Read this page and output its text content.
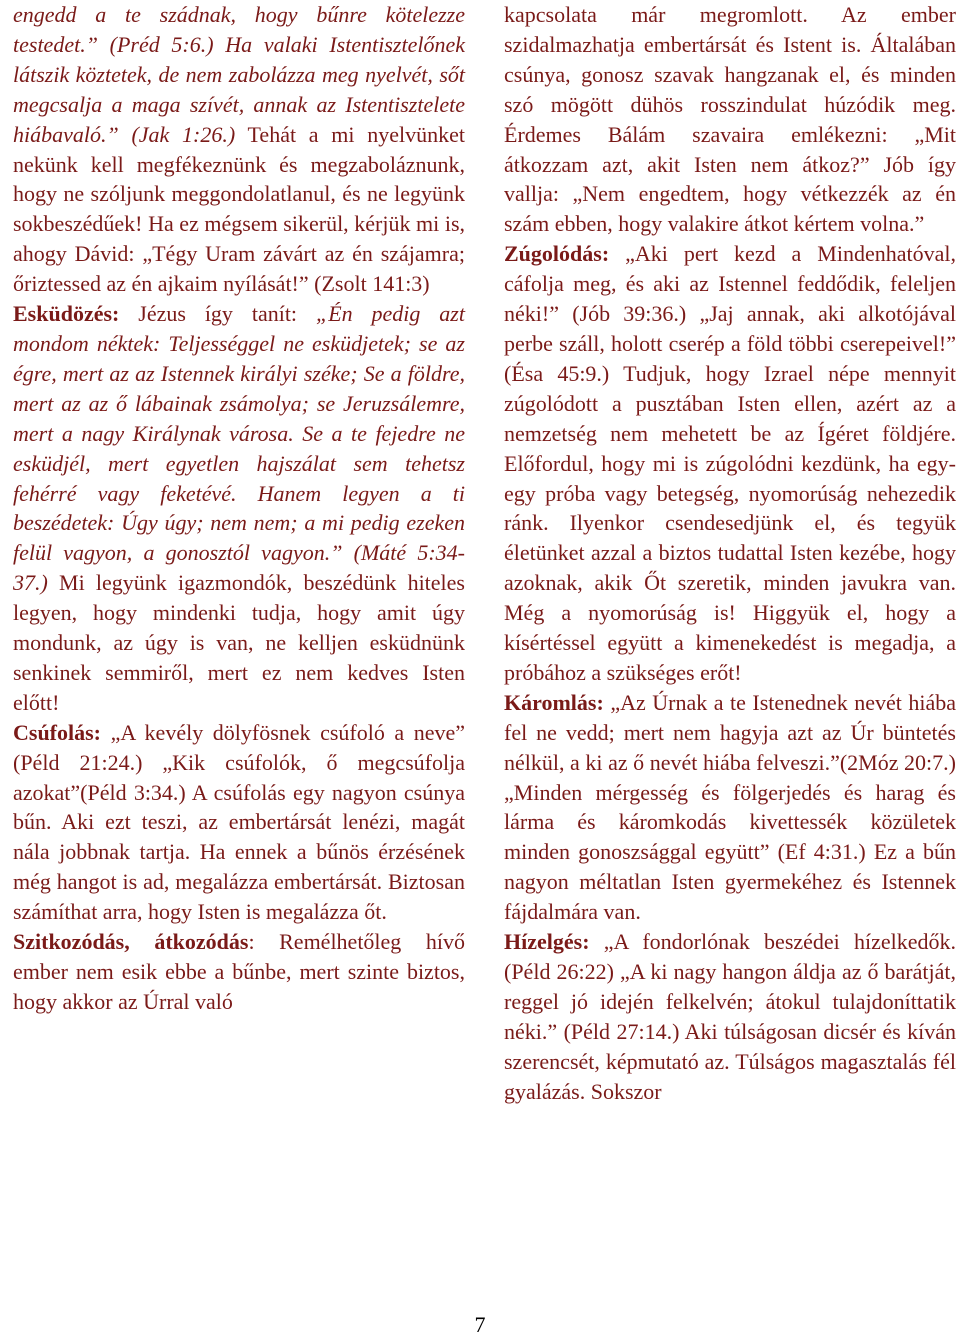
engedd a te szádnak, hogy bűnre kötelezze testedet.” (Préd 5:6.) Ha valaki Istentisztelőnek látszik köztetek, de nem zabolázza meg nyelvét, sőt megcsalja a maga szívét, annak az Istentisztelete hiábavaló.” (Jak 1:26.) Tehát a mi nyelvünket nekünk kell megfékeznünk és megzaboláznunk, hogy ne szóljunk meggondolatlanul, és ne legyünk sokbeszédűek! Ha ez mégsem sikerül, kérjük mi is, ahogy Dávid: „Tégy Uram závárt az én szájamra; őriztessed az én ajkaim nyílását!” (Zsolt 141:3)

Esküdözés: Jézus így tanít: „Én pedig azt mondom néktek: Teljességgel ne esküdjetek; se az égre, mert az az Istennek királyi széke; Se a földre, mert az az ő lábainak zsámolya; se Jeruzsálemre, mert a nagy Királynak városa. Se a te fejedre ne esküdjél, mert egyetlen hajszálat sem tehetsz fehérré vagy feketévé. Hanem legyen a ti beszédetek: Úgy úgy; nem nem; a mi pedig ezeken felül vagyon, a gonosztól vagyon.” (Máté 5:34-37.) Mi legyünk igazmondók, beszédünk hiteles legyen, hogy mindenki tudja, hogy amit úgy mondunk, az úgy is van, ne kelljen esküdnünk senkinek semmiről, mert ez nem kedves Isten előtt!

Csúfolás: „A kevély dölyfösnek csúfoló a neve” (Péld 21:24.) „Kik csúfolók, ő megcsúfolja azokat”(Péld 3:34.) A csúfolás egy nagyon csúnya bűn. Aki ezt teszi, az embertársát lenézi, magát nála jobbnak tartja. Ha ennek a bűnös érzésének még hangot is ad, megalázza embertársát. Biztosan számíthat arra, hogy Isten is megalázza őt.

Szitkozódás, átkozódás: Remélhetőleg hívő ember nem esik ebbe a bűnbe, mert szinte biztos, hogy akkor az Úrral való

kapcsolata már megromlott. Az ember szidalmazhatja embertársát és Istent is. Általában csúnya, gonosz szavak hangzanak el, és minden szó mögött dühös rosszindulat húzódik meg. Érdemes Bálám szavaira emlékezni: „Mit átkozzam azt, akit Isten nem átkoz?” Jób így vallja: „Nem engedtem, hogy vétkezzék az én szám ebben, hogy valakire átkot kértem volna.”

Zúgolódás: „Aki pert kezd a Mindenhatóval, cáfolja meg, és aki az Istennel feddődik, feleljen néki!” (Jób 39:36.) „Jaj annak, aki alkotójával perbe száll, holott cserép a föld többi cserepeivel!” (Ésa 45:9.) Tudjuk, hogy Izrael népe mennyit zúgolódott a pusztában Isten ellen, azért az a nemzetség nem mehetett be az Ígéret földjére. Előfordul, hogy mi is zúgolódni kezdünk, ha egy-egy próba vagy betegség, nyomorúság nehezedik ránk. Ilyenkor csendesedjünk el, és tegyük életünket azzal a biztos tudattal Isten kezébe, hogy azoknak, akik Őt szeretik, minden javukra van. Még a nyomorúság is! Higgyük el, hogy a kísértéssel együtt a kimenekedést is megadja, a próbához a szükséges erőt!

Káromlás: „Az Úrnak a te Istenednek nevét hiába fel ne vedd; mert nem hagyja azt az Úr büntetés nélkül, a ki az ő nevét hiába felveszi.”(2Móz 20:7.) „Minden mérgesség és fölgerjedés és harag és lárma és káromkodás kivettessék közületek minden gonoszsággal együtt” (Ef 4:31.) Ez a bűn nagyon méltatlan Isten gyermekéhez és Istennek fájdalmára van.

Hízelgés: „A fondorlónak beszédei hízelkedők. (Péld 26:22) „A ki nagy hangon áldja az ő barátját, reggel jó idején felkelvén; átokul tulajdoníttatik néki.” (Péld 27:14.) Aki túlságosan dicsér és kíván szerencsét, képmutató az. Túlságos magasztalás fél gyalázás. Sokszor

7
